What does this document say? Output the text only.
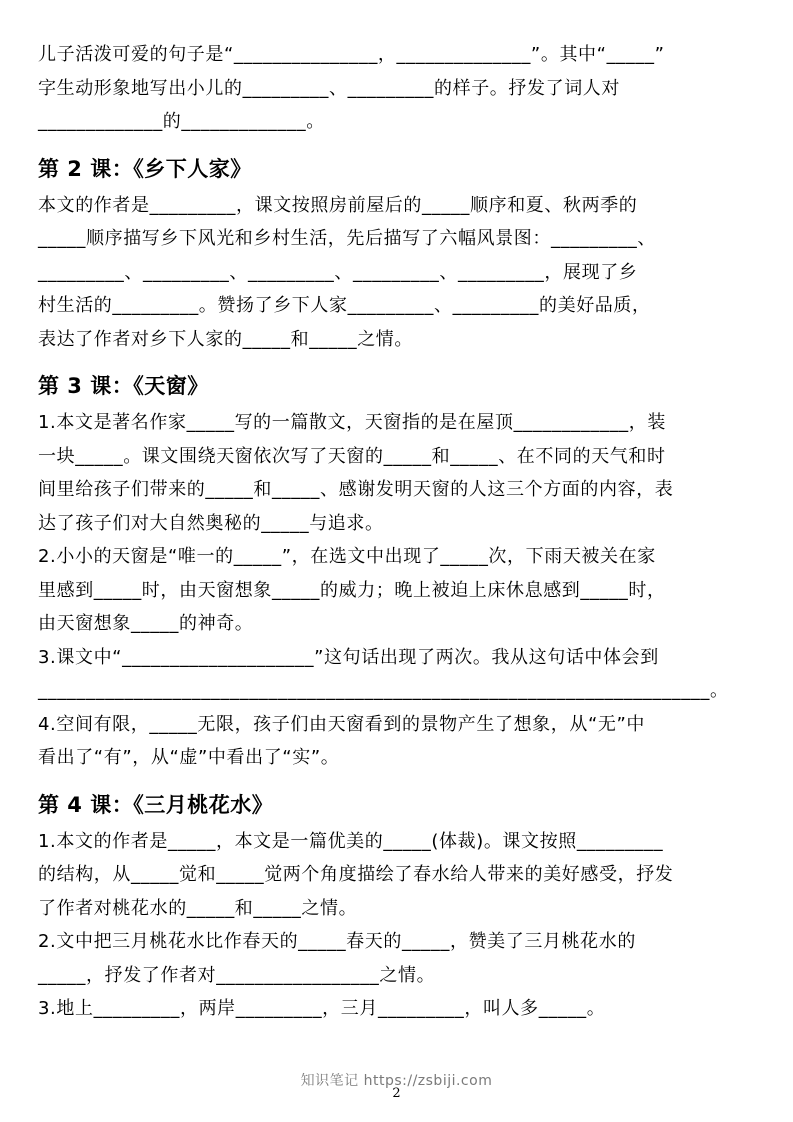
儿子活泼可爱的句子是“_______________，______________”。其中“_____”
字生动形象地写出小儿的_________、_________的样子。抒发了词人对
_____________的_____________。
第 2 课：《乡下人家》
本文的作者是_________，课文按照房前屋后的_____顺序和夏、秋两季的
_____顺序描写乡下风光和乡村生活，先后描写了六幅风景图：_________、
_________、_________、_________、_________、_________，展现了乡
村生活的_________。赞扬了乡下人家_________、_________的美好品质，
表达了作者对乡下人家的_____和_____之情。
第 3 课：《天窗》
1.本文是著名作家_____写的一篇散文，天窗指的是在屋顶____________，装
一块_____。课文围绕天窗依次写了天窗的_____和_____、在不同的天气和时
间里给孩子们带来的_____和_____、感谢发明天窗的人这三个方面的内容，表
达了孩子们对大自然奥秘的_____与追求。
2.小小的天窗是“唯一的_____”，在选文中出现了_____次，下雨天被关在家
里感到_____时，由天窗想象_____的威力；晚上被迫上床休息感到_____时，
由天窗想象_____的神奇。
3.课文中“____________________”这句话出现了两次。我从这句话中体会到
______________________________________________________________________。
4.空间有限，_____无限，孩子们由天窗看到的景物产生了想象，从“无”中
看出了“有”，从“虚”中看出了“实”。
第 4 课：《三月桃花水》
1.本文的作者是_____，本文是一篇优美的_____(体裁)。课文按照_________
的结构，从_____觉和_____觉两个角度描绘了春水给人带来的美好感受，抒发
了作者对桃花水的_____和_____之情。
2.文中把三月桃花水比作春天的_____春天的_____，赞美了三月桃花水的
_____，抒发了作者对_________________之情。
3.地上_________，两岸_________，三月_________，叫人多_____。
知识笔记 https://zsbiji.com
2
